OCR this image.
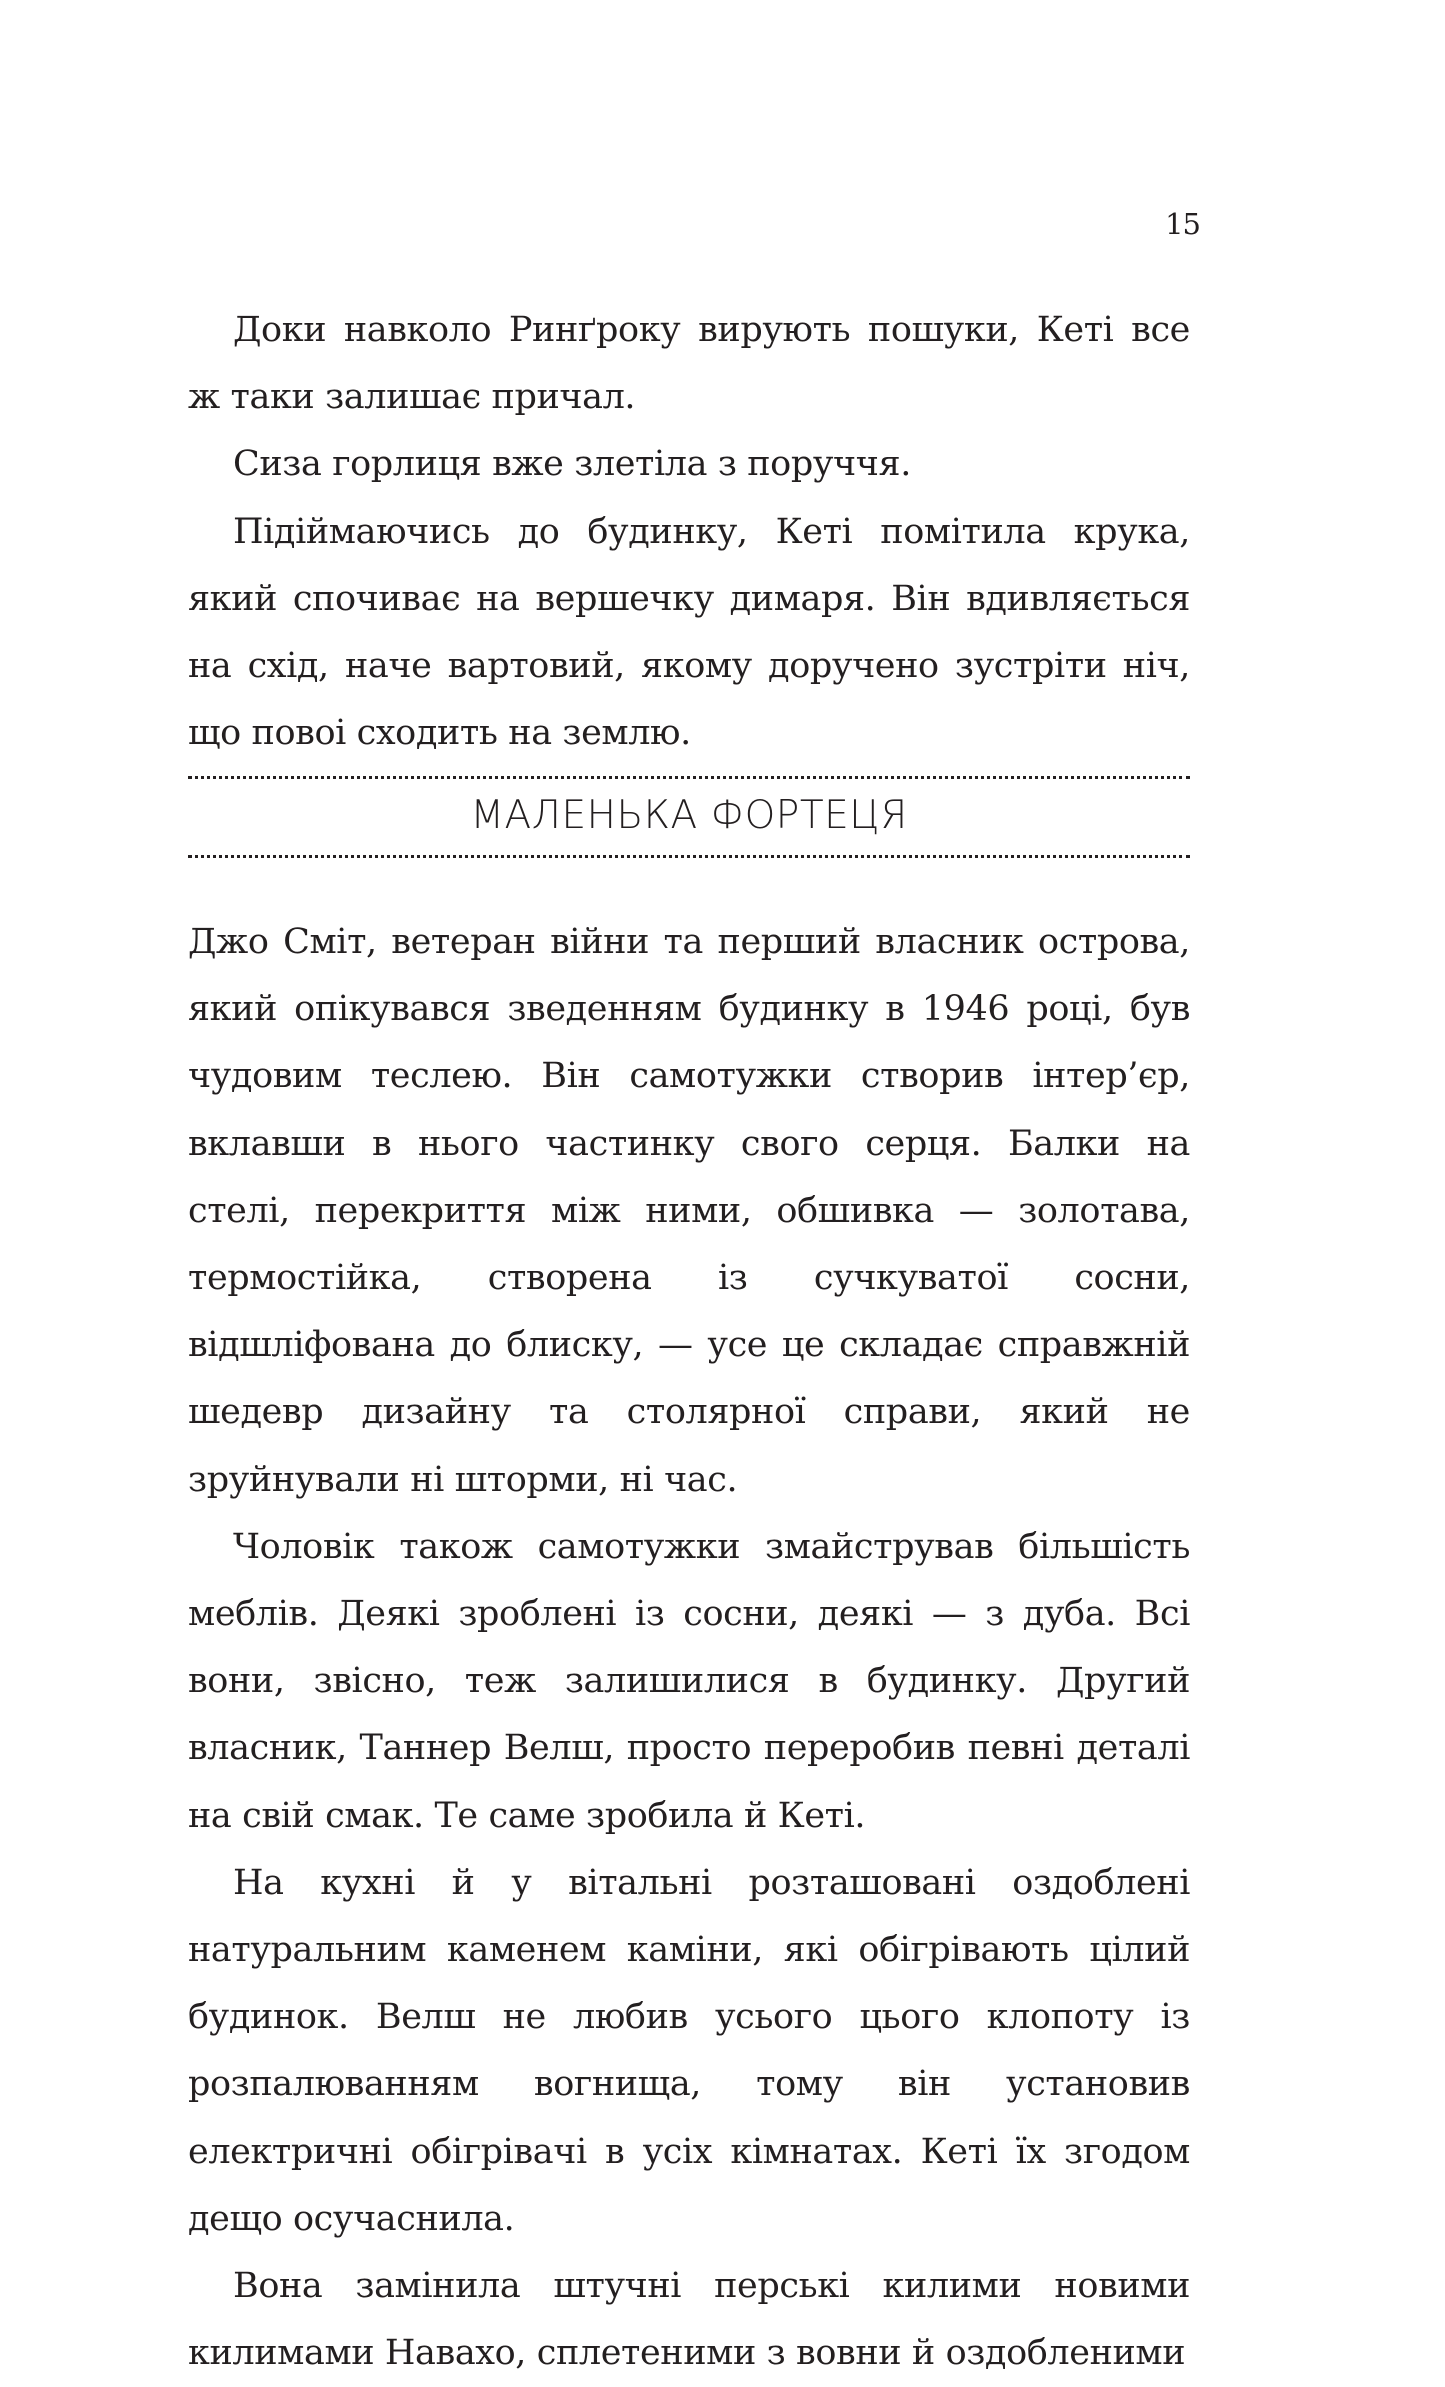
15

Доки навколо Ринґроку вирують пошуки, Кеті все ж таки залишає причал.

Сиза горлиця вже злетіла з поруччя.

Підіймаючись до будинку, Кеті помітила крука, який спочиває на вершечку димаря. Він вдивляється на схід, наче вартовий, якому доручено зустріти ніч, що повоі сходить на землю.

МАЛЕНЬКА ФОРТЕЦЯ

Джо Сміт, ветеран війни та перший власник острова, який опікувався зведенням будинку в 1946 році, був чудовим теслею. Він самотужки створив інтер’єр, вклавши в нього частинку свого серця. Балки на стелі, перекриття між ними, обшивка — золотава, термостійка, створена із сучкуватої сосни, відшліфована до блиску, — усе це складає справжній шедевр дизайну та столярної справи, який не зруйнували ні шторми, ні час.

Чоловік також самотужки змайстрував більшість меблів. Деякі зроблені із сосни, деякі — з дуба. Всі вони, звісно, теж залишилися в будинку. Другий власник, Таннер Велш, просто переробив певні деталі на свій смак. Те саме зробила й Кеті.

На кухні й у вітальні розташовані оздоблені натуральним каменем каміни, які обігрівають цілий будинок. Велш не любив усього цього клопоту із розпалюванням вогнища, тому він установив електричні обігрівачі в усіх кімнатах. Кеті їх згодом дещо осучаснила.

Вона замінила штучні перські килими новими килимами Навахо, сплетеними з вовни й оздобленими
